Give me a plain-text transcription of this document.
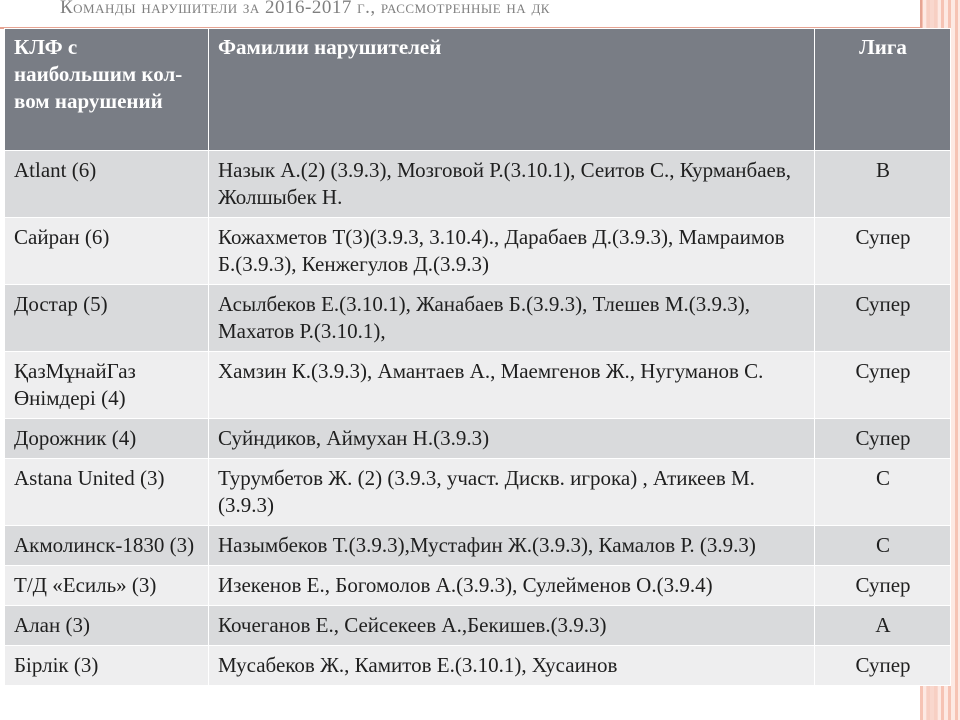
Команды нарушители за 2016-2017 г., рассмотренные на дк
КЛФ с наибольшим кол-вом нарушений	Фамилии нарушителей	Лига
Atlant (6)	Назык А.(2) (3.9.3), Мозговой Р.(3.10.1), Сеитов С., Курманбаев, Жолшыбек Н.	В
Сайран (6)	Кожахметов Т(3)(3.9.3, 3.10.4)., Дарабаев Д.(3.9.3), Мамраимов Б.(3.9.3), Кенжегулов Д.(3.9.3)	Супер
Достар (5)	Асылбеков Е.(3.10.1), Жанабаев Б.(3.9.3), Тлешев М.(3.9.3), Махатов Р.(3.10.1),	Супер
ҚазМұнайГаз Өнімдері (4)	Хамзин К.(3.9.3), Амантаев А., Маемгенов Ж., Нугуманов С.	Супер
Дорожник (4)	Суйндиков, Аймухан Н.(3.9.3)	Супер
Astana United (3)	Турумбетов Ж. (2) (3.9.3, участ. Дискв. игрока) , Атикеев М.(3.9.3)	С
Акмолинск-1830 (3)	Назымбеков Т.(3.9.3),Мустафин Ж.(3.9.3), Камалов Р. (3.9.3)	С
Т/Д «Есиль» (3)	Изекенов Е., Богомолов А.(3.9.3), Сулейменов О.(3.9.4)	Супер
Алан (3)	Кочеганов Е., Сейсекеев А.,Бекишев.(3.9.3)	А
Бірлік (3)	Мусабеков Ж., Камитов Е.(3.10.1), Хусаинов	Супер
